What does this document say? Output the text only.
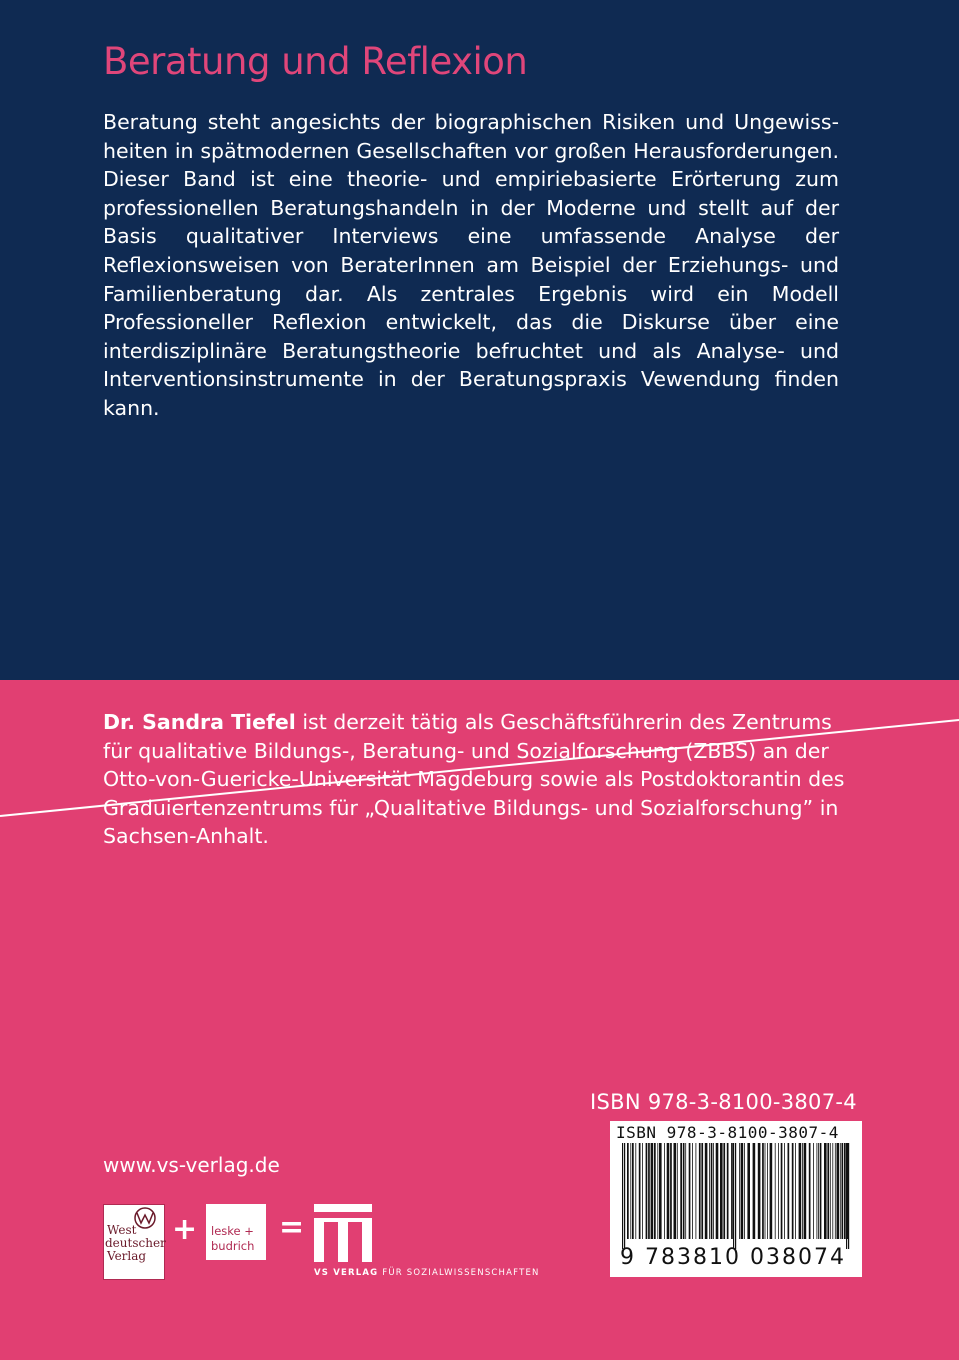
Beratung und Reflexion

Beratung steht angesichts der biographischen Risiken und Ungewissheiten in spätmodernen Gesellschaften vor großen Herausforderungen. Dieser Band ist eine theorie- und empiriebasierte Erörterung zum professionellen Beratungshandeln in der Moderne und stellt auf der Basis qualitativer Interviews eine umfassende Analyse der Reflexionsweisen von BeraterInnen am Beispiel der Erziehungs- und Familienberatung dar. Als zentrales Ergebnis wird ein Modell Professioneller Reflexion entwickelt, das die Diskurse über eine interdisziplinäre Beratungstheorie befruchtet und als Analyse- und Interventionsinstrumente in der Beratungspraxis Vewendung finden kann.

Dr. Sandra Tiefel ist derzeit tätig als Geschäftsführerin des Zentrums für qualitative Bildungs-, Beratung- und Sozialforschung (ZBBS) an der Otto-von-Guericke-Universität Magdeburg sowie als Postdoktorantin des Graduiertenzentrums für „Qualitative Bildungs- und Sozialforschung” in Sachsen-Anhalt.

ISBN 978-3-8100-3807-4
ISBN 978-3-8100-3807-4
9 783810 038074
www.vs-verlag.de
West
deutscher
Verlag
+ leske +
budrich
=
VS VERLAG FÜR SOZIALWISSENSCHAFTEN
